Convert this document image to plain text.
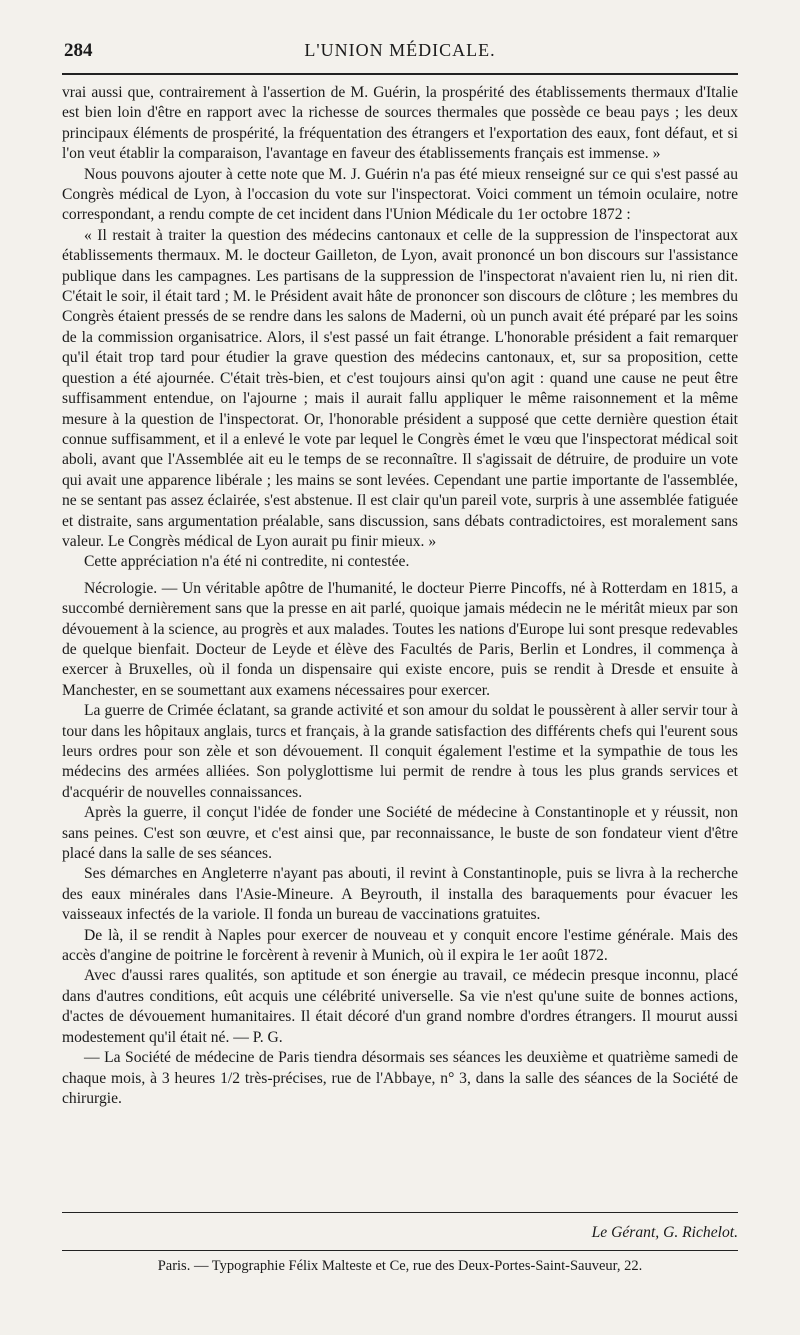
284	L'UNION MÉDICALE.

vrai aussi que, contrairement à l'assertion de M. Guérin, la prospérité des établissements thermaux d'Italie est bien loin d'être en rapport avec la richesse de sources thermales que possède ce beau pays ; les deux principaux éléments de prospérité, la fréquentation des étrangers et l'exportation des eaux, font défaut, et si l'on veut établir la comparaison, l'avantage en faveur des établissements français est immense. »

Nous pouvons ajouter à cette note que M. J. Guérin n'a pas été mieux renseigné sur ce qui s'est passé au Congrès médical de Lyon, à l'occasion du vote sur l'inspectorat. Voici comment un témoin oculaire, notre correspondant, a rendu compte de cet incident dans l'Union Médicale du 1er octobre 1872 :

« Il restait à traiter la question des médecins cantonaux et celle de la suppression de l'inspectorat aux établissements thermaux. M. le docteur Gailleton, de Lyon, avait prononcé un bon discours sur l'assistance publique dans les campagnes. Les partisans de la suppression de l'inspectorat n'avaient rien lu, ni rien dit. C'était le soir, il était tard ; M. le Président avait hâte de prononcer son discours de clôture ; les membres du Congrès étaient pressés de se rendre dans les salons de Maderni, où un punch avait été préparé par les soins de la commission organisatrice. Alors, il s'est passé un fait étrange. L'honorable président a fait remarquer qu'il était trop tard pour étudier la grave question des médecins cantonaux, et, sur sa proposition, cette question a été ajournée. C'était très-bien, et c'est toujours ainsi qu'on agit : quand une cause ne peut être suffisamment entendue, on l'ajourne ; mais il aurait fallu appliquer le même raisonnement et la même mesure à la question de l'inspectorat. Or, l'honorable président a supposé que cette dernière question était connue suffisamment, et il a enlevé le vote par lequel le Congrès émet le vœu que l'inspectorat médical soit aboli, avant que l'Assemblée ait eu le temps de se reconnaître. Il s'agissait de détruire, de produire un vote qui avait une apparence libérale ; les mains se sont levées. Cependant une partie importante de l'assemblée, ne se sentant pas assez éclairée, s'est abstenue. Il est clair qu'un pareil vote, surpris à une assemblée fatiguée et distraite, sans argumentation préalable, sans discussion, sans débats contradictoires, est moralement sans valeur. Le Congrès médical de Lyon aurait pu finir mieux. »

Cette appréciation n'a été ni contredite, ni contestée.

Nécrologie. — Un véritable apôtre de l'humanité, le docteur Pierre Pincoffs, né à Rotterdam en 1815, a succombé dernièrement sans que la presse en ait parlé, quoique jamais médecin ne le méritât mieux par son dévouement à la science, au progrès et aux malades. Toutes les nations d'Europe lui sont presque redevables de quelque bienfait. Docteur de Leyde et élève des Facultés de Paris, Berlin et Londres, il commença à exercer à Bruxelles, où il fonda un dispensaire qui existe encore, puis se rendit à Dresde et ensuite à Manchester, en se soumettant aux examens nécessaires pour exercer.

La guerre de Crimée éclatant, sa grande activité et son amour du soldat le poussèrent à aller servir tour à tour dans les hôpitaux anglais, turcs et français, à la grande satisfaction des différents chefs qui l'eurent sous leurs ordres pour son zèle et son dévouement. Il conquit également l'estime et la sympathie de tous les médecins des armées alliées. Son polyglottisme lui permit de rendre à tous les plus grands services et d'acquérir de nouvelles connaissances.

Après la guerre, il conçut l'idée de fonder une Société de médecine à Constantinople et y réussit, non sans peines. C'est son œuvre, et c'est ainsi que, par reconnaissance, le buste de son fondateur vient d'être placé dans la salle de ses séances.

Ses démarches en Angleterre n'ayant pas abouti, il revint à Constantinople, puis se livra à la recherche des eaux minérales dans l'Asie-Mineure. A Beyrouth, il installa des baraquements pour évacuer les vaisseaux infectés de la variole. Il fonda un bureau de vaccinations gratuites.

De là, il se rendit à Naples pour exercer de nouveau et y conquit encore l'estime générale. Mais des accès d'angine de poitrine le forcèrent à revenir à Munich, où il expira le 1er août 1872.

Avec d'aussi rares qualités, son aptitude et son énergie au travail, ce médecin presque inconnu, placé dans d'autres conditions, eût acquis une célébrité universelle. Sa vie n'est qu'une suite de bonnes actions, d'actes de dévouement humanitaires. Il était décoré d'un grand nombre d'ordres étrangers. Il mourut aussi modestement qu'il était né. — P. G.

— La Société de médecine de Paris tiendra désormais ses séances les deuxième et quatrième samedi de chaque mois, à 3 heures 1/2 très-précises, rue de l'Abbaye, n° 3, dans la salle des séances de la Société de chirurgie.

Le Gérant, G. Richelot.
Paris. — Typographie Félix Malteste et Ce, rue des Deux-Portes-Saint-Sauveur, 22.
